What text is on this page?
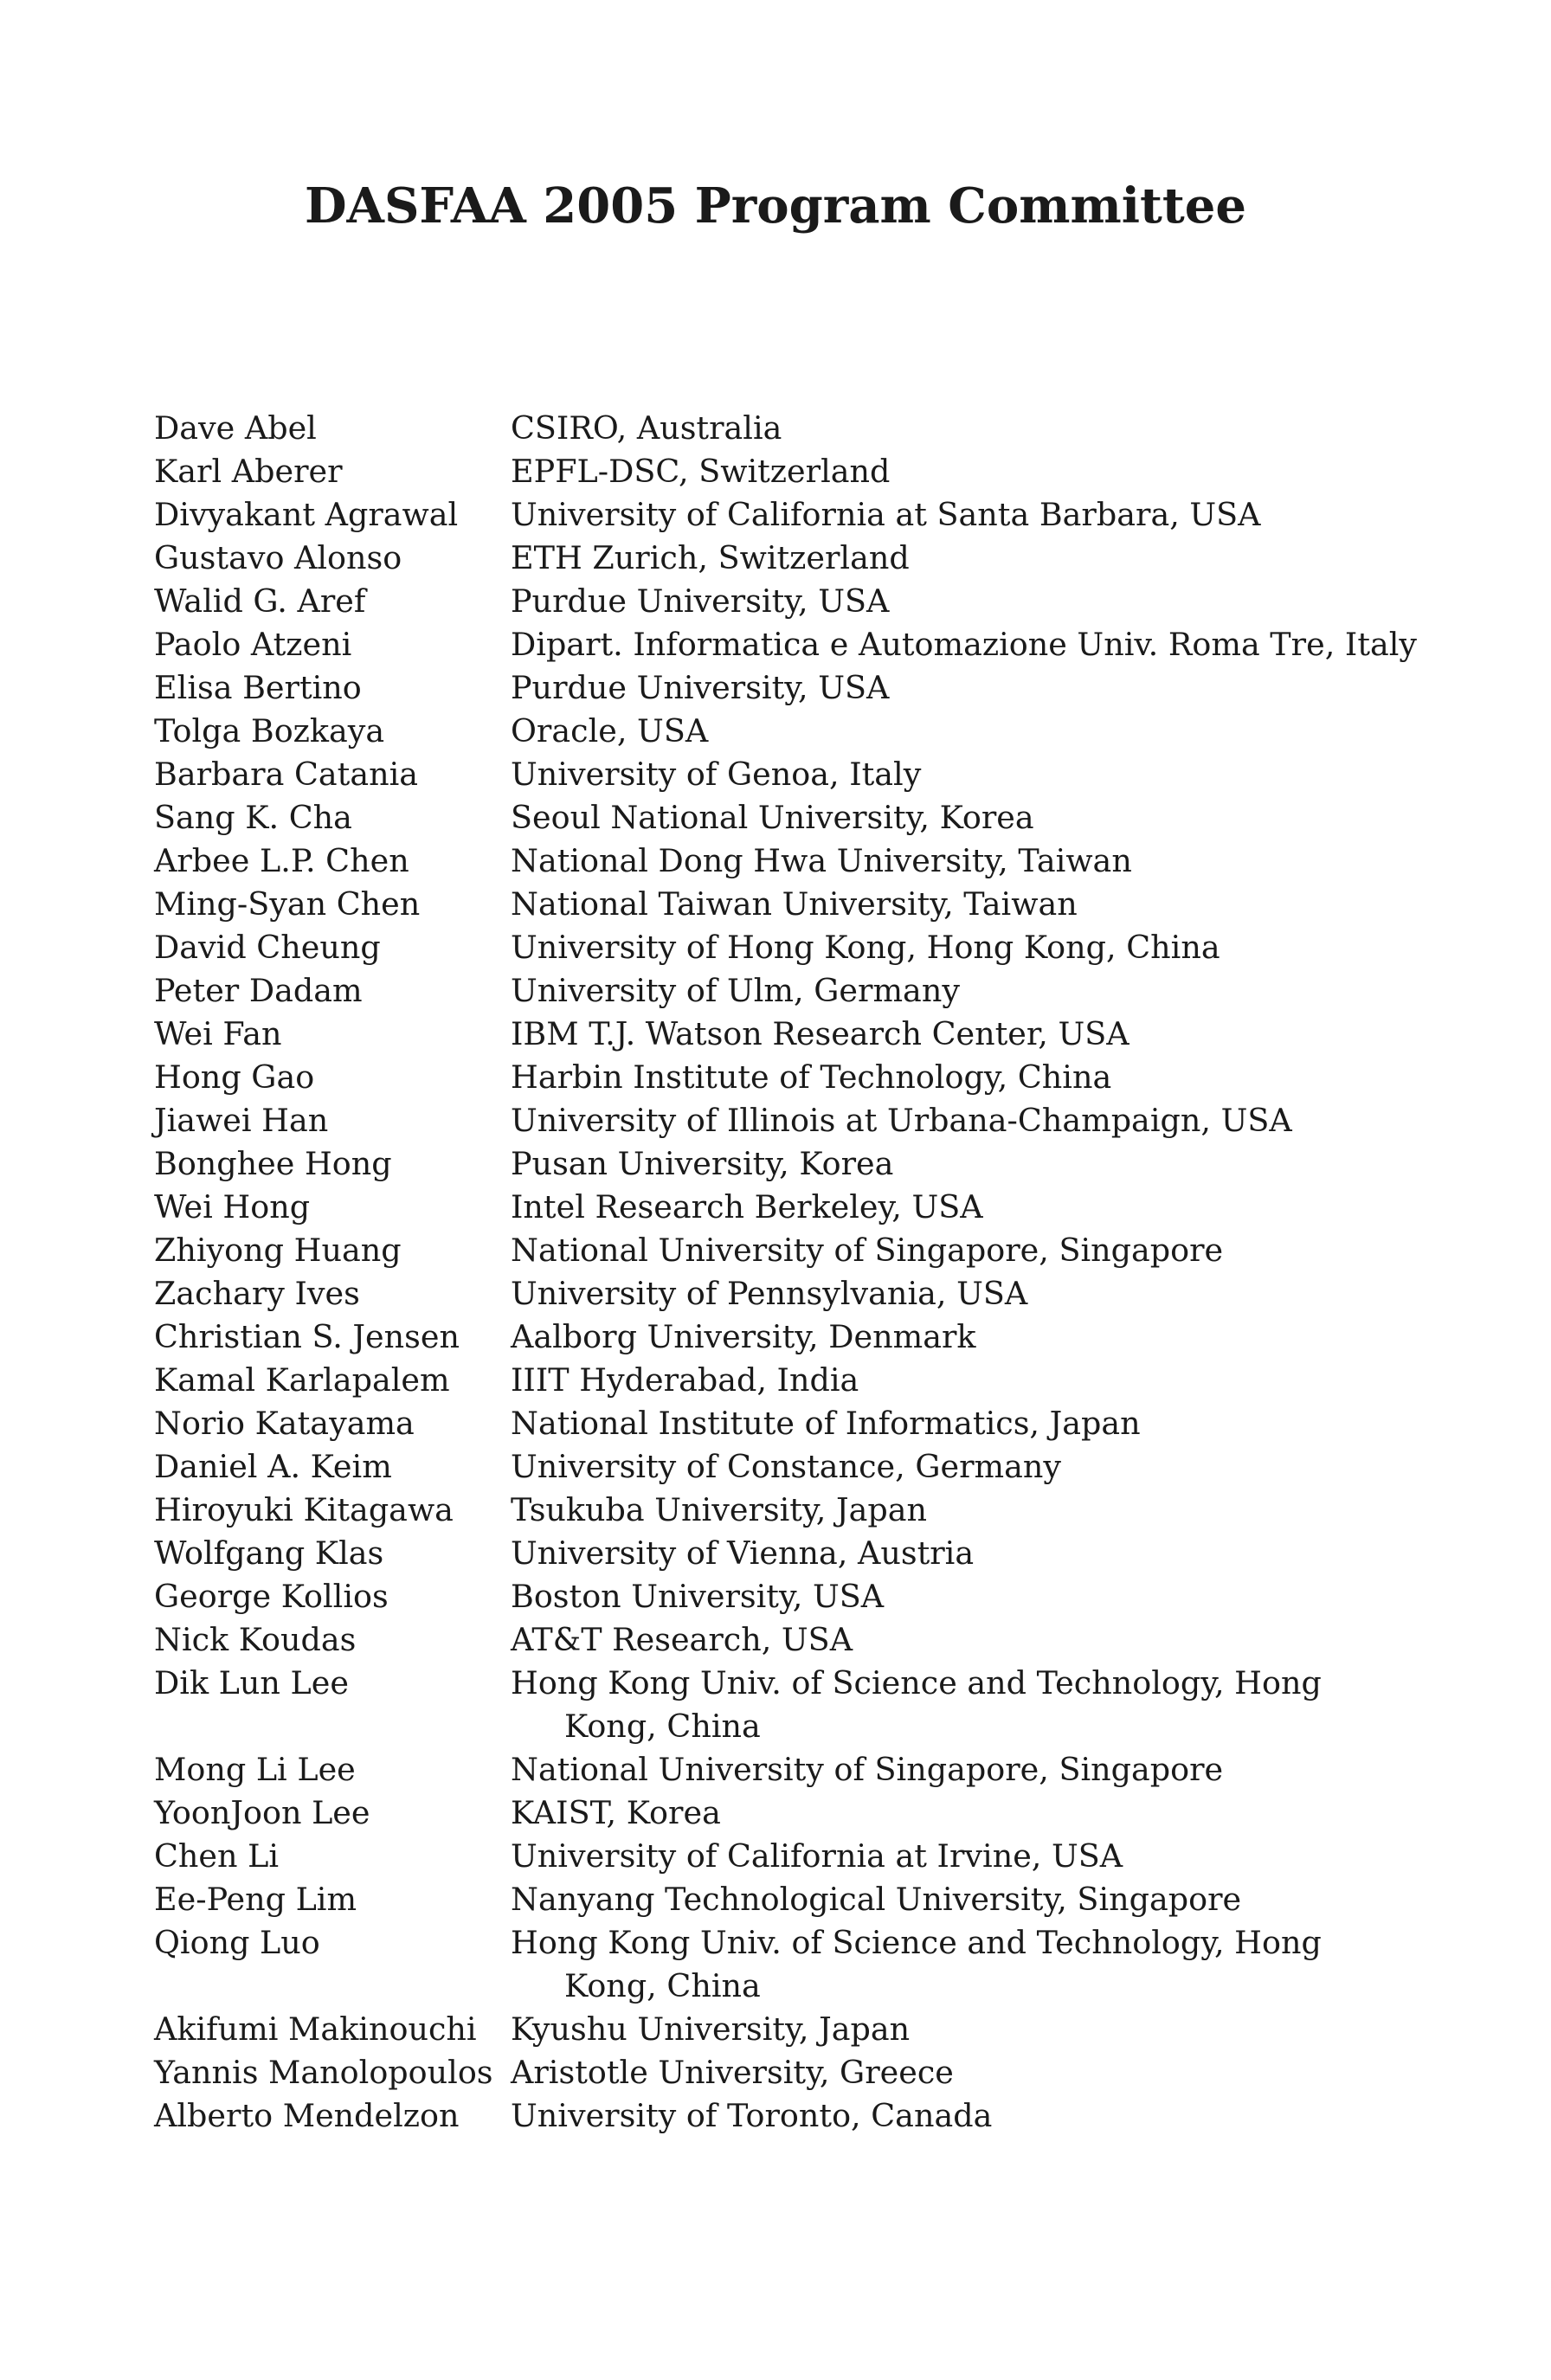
DASFAA 2005 Program Committee
Dave Abel	CSIRO, Australia
Karl Aberer	EPFL-DSC, Switzerland
Divyakant Agrawal	University of California at Santa Barbara, USA
Gustavo Alonso	ETH Zurich, Switzerland
Walid G. Aref	Purdue University, USA
Paolo Atzeni	Dipart. Informatica e Automazione Univ. Roma Tre, Italy
Elisa Bertino	Purdue University, USA
Tolga Bozkaya	Oracle, USA
Barbara Catania	University of Genoa, Italy
Sang K. Cha	Seoul National University, Korea
Arbee L.P. Chen	National Dong Hwa University, Taiwan
Ming-Syan Chen	National Taiwan University, Taiwan
David Cheung	University of Hong Kong, Hong Kong, China
Peter Dadam	University of Ulm, Germany
Wei Fan	IBM T.J. Watson Research Center, USA
Hong Gao	Harbin Institute of Technology, China
Jiawei Han	University of Illinois at Urbana-Champaign, USA
Bonghee Hong	Pusan University, Korea
Wei Hong	Intel Research Berkeley, USA
Zhiyong Huang	National University of Singapore, Singapore
Zachary Ives	University of Pennsylvania, USA
Christian S. Jensen	Aalborg University, Denmark
Kamal Karlapalem	IIIT Hyderabad, India
Norio Katayama	National Institute of Informatics, Japan
Daniel A. Keim	University of Constance, Germany
Hiroyuki Kitagawa	Tsukuba University, Japan
Wolfgang Klas	University of Vienna, Austria
George Kollios	Boston University, USA
Nick Koudas	AT&T Research, USA
Dik Lun Lee	Hong Kong Univ. of Science and Technology, Hong Kong, China
Mong Li Lee	National University of Singapore, Singapore
YoonJoon Lee	KAIST, Korea
Chen Li	University of California at Irvine, USA
Ee-Peng Lim	Nanyang Technological University, Singapore
Qiong Luo	Hong Kong Univ. of Science and Technology, Hong Kong, China
Akifumi Makinouchi	Kyushu University, Japan
Yannis Manolopoulos Aristotle University, Greece
Alberto Mendelzon	University of Toronto, Canada
